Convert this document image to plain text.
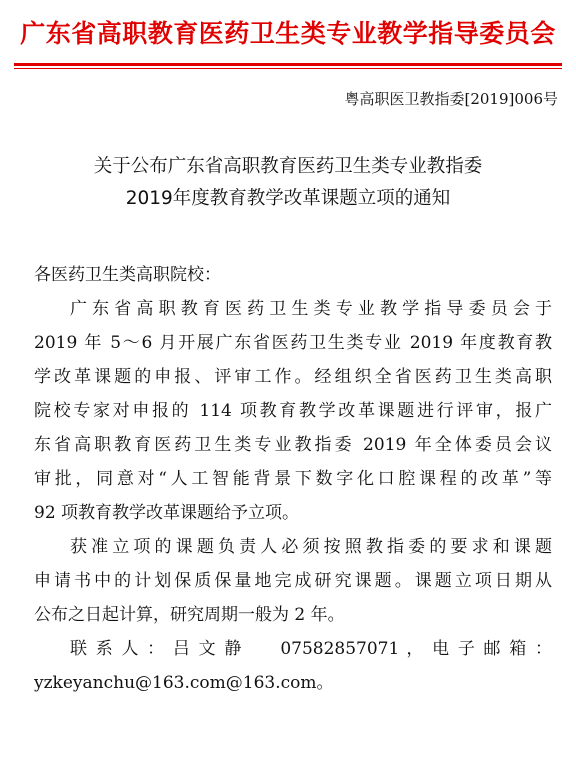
广东省高职教育医药卫生类专业教学指导委员会
粤高职医卫教指委[2019]006号
关于公布广东省高职教育医药卫生类专业教指委
2019年度教育教学改革课题立项的通知
各医药卫生类高职院校：
广东省高职教育医药卫生类专业教学指导委员会于
2019 年 5～6 月开展广东省医药卫生类专业 2019 年度教育教
学改革课题的申报、评审工作。经组织全省医药卫生类高职
院校专家对申报的 114 项教育教学改革课题进行评审，报广
东省高职教育医药卫生类专业教指委 2019 年全体委员会议
审批，同意对“人工智能背景下数字化口腔课程的改革”等
92 项教育教学改革课题给予立项。
获准立项的课题负责人必须按照教指委的要求和课题
申请书中的计划保质保量地完成研究课题。课题立项日期从
公布之日起计算，研究周期一般为 2 年。
联 系 人 ： 吕 文 静　　07582857071 ， 电 子 邮 箱 ：
yzkeyanchu@163.com@163.com。
